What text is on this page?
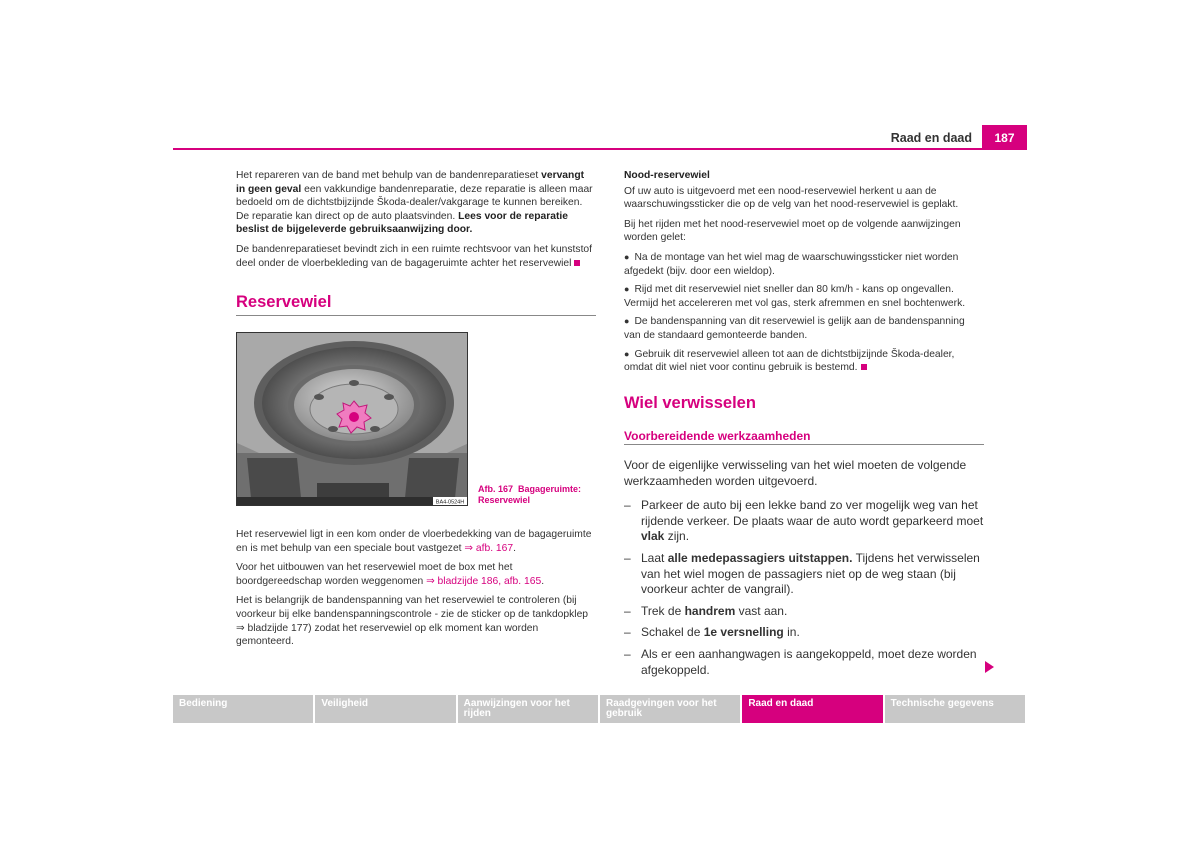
Raad en daad	187

Het repareren van de band met behulp van de bandenreparatieset vervangt in geen geval een vakkundige bandenreparatie, deze reparatie is alleen maar bedoeld om de dichtstbijzijnde Škoda-dealer/vakgarage te kunnen bereiken. De reparatie kan direct op de auto plaatsvinden. Lees voor de reparatie beslist de bijgeleverde gebruiksaanwijzing door.

De bandenreparatieset bevindt zich in een ruimte rechtsvoor van het kunststof deel onder de vloerbekleding van de bagageruimte achter het reservewiel

Reservewiel
BA4-0524H
Afb. 167 Bagageruimte:
Reservewiel

Het reservewiel ligt in een kom onder de vloerbedekking van de bagageruimte en is met behulp van een speciale bout vastgezet ⇒ afb. 167.

Voor het uitbouwen van het reservewiel moet de box met het boordgereedschap worden weggenomen ⇒ bladzijde 186, afb. 165.

Het is belangrijk de bandenspanning van het reservewiel te controleren (bij voorkeur bij elke bandenspanningscontrole - zie de sticker op de tankdopklep ⇒ bladzijde 177) zodat het reservewiel op elk moment kan worden gemonteerd.

Nood-reservewiel

Of uw auto is uitgevoerd met een nood-reservewiel herkent u aan de waarschuwingssticker die op de velg van het nood-reservewiel is geplakt.

Bij het rijden met het nood-reservewiel moet op de volgende aanwijzingen worden gelet:

● Na de montage van het wiel mag de waarschuwingssticker niet worden afgedekt (bijv. door een wieldop).
● Rijd met dit reservewiel niet sneller dan 80 km/h - kans op ongevallen. Vermijd het accelereren met vol gas, sterk afremmen en snel bochtenwerk.
● De bandenspanning van dit reservewiel is gelijk aan de bandenspanning van de standaard gemonteerde banden.
● Gebruik dit reservewiel alleen tot aan de dichtstbijzijnde Škoda-dealer, omdat dit wiel niet voor continu gebruik is bestemd.
Wiel verwisselen
Voorbereidende werkzaamheden

Voor de eigenlijke verwisseling van het wiel moeten de volgende werkzaamheden worden uitgevoerd.

– Parkeer de auto bij een lekke band zo ver mogelijk weg van het rijdende verkeer. De plaats waar de auto wordt geparkeerd moet vlak zijn.
– Laat alle medepassagiers uitstappen. Tijdens het verwisselen van het wiel mogen de passagiers niet op de weg staan (bij voorkeur achter de vangrail).
– Trek de handrem vast aan.
– Schakel de 1e versnelling in.
– Als er een aanhangwagen is aangekoppeld, moet deze worden afgekoppeld.
Bediening	Veiligheid	Aanwijzingen voor het rijden
Raadgevingen voor het gebruik
Raad en daad	Technische gegevens
